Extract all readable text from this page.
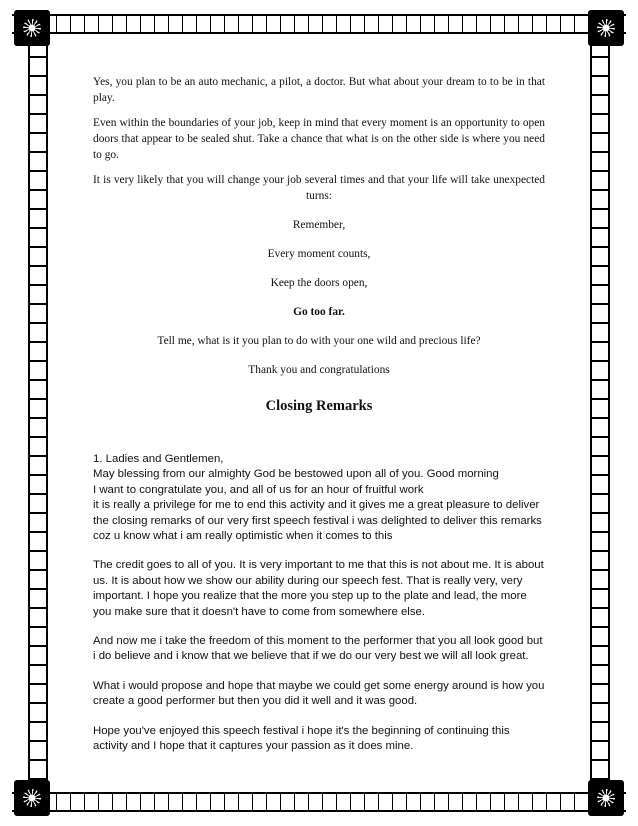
Yes, you plan to be an auto mechanic, a pilot, a doctor. But what about your dream to to be in that play.

Even within the boundaries of your job, keep in mind that every moment is an opportunity to open doors that appear to be sealed shut. Take a chance that what is on the other side is where you need to go.

It is very likely that you will change your job several times and that your life will take unexpected turns:

Remember,

Every moment counts,

Keep the doors open,

Go too far.

Tell me, what is it you plan to do with your one wild and precious life?

Thank you and congratulations

Closing Remarks

1. Ladies and Gentlemen,

May blessing from our almighty God be bestowed upon all of you. Good morning

I want to congratulate you, and all of us for an hour of fruitful work

it is really a privilege for me to end this activity and it gives me a great pleasure to deliver the closing remarks of our very first speech festival i was delighted to deliver this remarks coz u know what i am really optimistic when it comes to this

The credit goes to all of you. It is very important to me that this is not about me. It is about us. It is about how we show our ability during our speech fest. That is really very, very important. I hope you realize that the more you step up to the plate and lead, the more you make sure that it doesn't have to come from somewhere else.

And now me i take the freedom of this moment to the performer that you all look good but i do believe and i know that we believe that if we do our very best we will all look great.

What i would propose and hope that maybe we could get some energy around is how you create a good performer but then you did it well and it was good.

Hope you've enjoyed this speech festival i hope it's the beginning of continuing this activity and I hope that it captures your passion as it does mine.
